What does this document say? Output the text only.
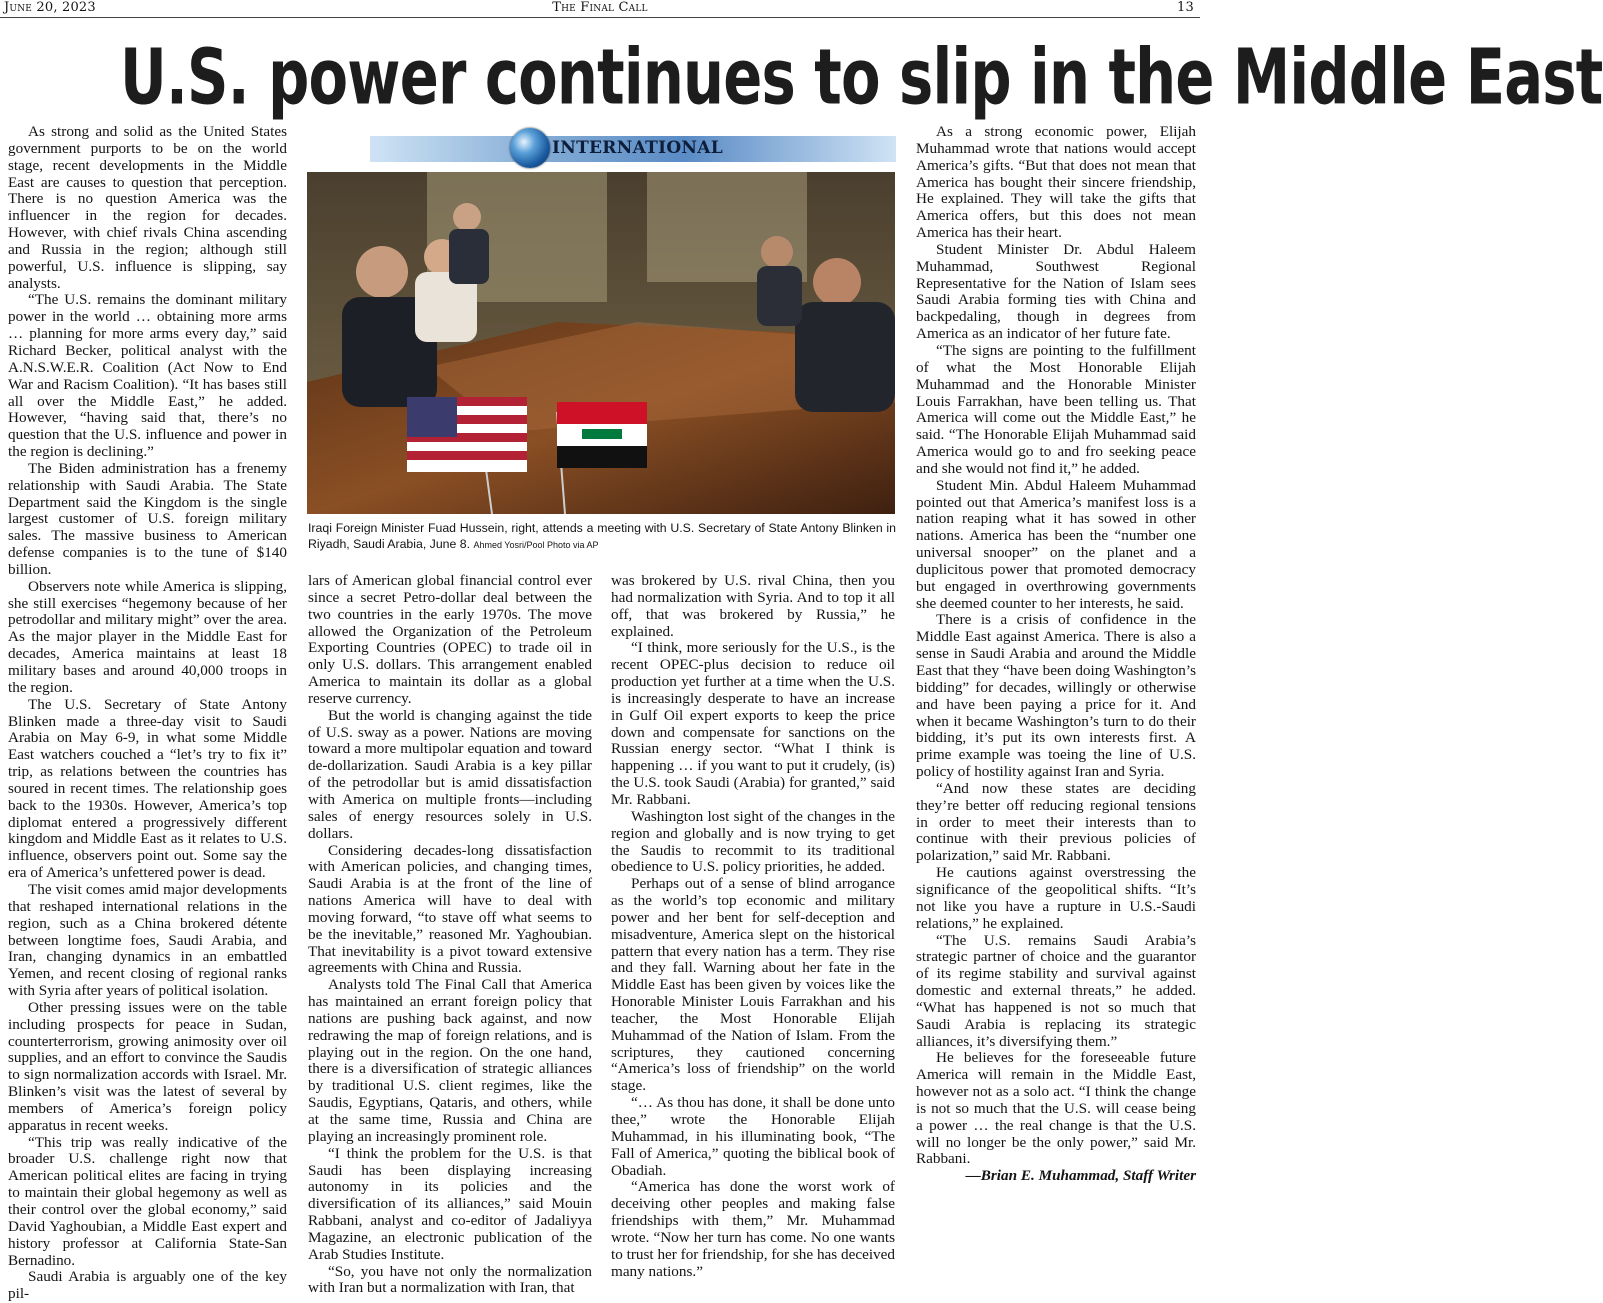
June 20, 2023	The Final Call	13
U.S. power continues to slip in the Middle East

As strong and solid as the United States government purports to be on the world stage, recent developments in the Middle East are causes to question that perception. There is no question America was the influencer in the region for decades. However, with chief rivals China ascending and Russia in the region; although still powerful, U.S. influence is slipping, say analysts.

“The U.S. remains the dominant military power in the world … obtaining more arms … planning for more arms every day,” said Richard Becker, political analyst with the A.N.S.W.E.R. Coalition (Act Now to End War and Racism Coalition). “It has bases still all over the Middle East,” he added. However, “having said that, there’s no question that the U.S. influence and power in the region is declining.”

The Biden administration has a frenemy relationship with Saudi Arabia. The State Department said the Kingdom is the single largest customer of U.S. foreign military sales. The massive business to American defense companies is to the tune of $140 billion.

Observers note while America is slipping, she still exercises “hegemony because of her petrodollar and military might” over the area. As the major player in the Middle East for decades, America maintains at least 18 military bases and around 40,000 troops in the region.

The U.S. Secretary of State Antony Blinken made a three-day visit to Saudi Arabia on May 6-9, in what some Middle East watchers couched a “let’s try to fix it” trip, as relations between the countries has soured in recent times. The relationship goes back to the 1930s. However, America’s top diplomat entered a progressively different kingdom and Middle East as it relates to U.S. influence, observers point out. Some say the era of America’s unfettered power is dead.

The visit comes amid major developments that reshaped international relations in the region, such as a China brokered détente between longtime foes, Saudi Arabia, and Iran, changing dynamics in an embattled Yemen, and recent closing of regional ranks with Syria after years of political isolation.

Other pressing issues were on the table including prospects for peace in Sudan, counterterrorism, growing animosity over oil supplies, and an effort to convince the Saudis to sign normalization accords with Israel. Mr. Blinken’s visit was the latest of several by members of America’s foreign policy apparatus in recent weeks.

“This trip was really indicative of the broader U.S. challenge right now that American political elites are facing in trying to maintain their global hegemony as well as their control over the global economy,” said David Yaghoubian, a Middle East expert and history professor at California State-San Bernadino.

Saudi Arabia is arguably one of the key pil-

INTERNATIONAL
Iraqi Foreign Minister Fuad Hussein, right, attends a meeting with U.S. Secretary of State Antony Blinken in Riyadh, Saudi Arabia, June 8. Ahmed Yosri/Pool Photo via AP

lars of American global financial control ever since a secret Petro-dollar deal between the two countries in the early 1970s. The move allowed the Organization of the Petroleum Exporting Countries (OPEC) to trade oil in only U.S. dollars. This arrangement enabled America to maintain its dollar as a global reserve currency.

But the world is changing against the tide of U.S. sway as a power. Nations are moving toward a more multipolar equation and toward de-dollarization. Saudi Arabia is a key pillar of the petrodollar but is amid dissatisfaction with America on multiple fronts—including sales of energy resources solely in U.S. dollars.

Considering decades-long dissatisfaction with American policies, and changing times, Saudi Arabia is at the front of the line of nations America will have to deal with moving forward, “to stave off what seems to be the inevitable,” reasoned Mr. Yaghoubian. That inevitability is a pivot toward extensive agreements with China and Russia.

Analysts told The Final Call that America has maintained an errant foreign policy that nations are pushing back against, and now redrawing the map of foreign relations, and is playing out in the region. On the one hand, there is a diversification of strategic alliances by traditional U.S. client regimes, like the Saudis, Egyptians, Qataris, and others, while at the same time, Russia and China are playing an increasingly prominent role.

“I think the problem for the U.S. is that Saudi has been displaying increasing autonomy in its policies and the diversification of its alliances,” said Mouin Rabbani, analyst and co-editor of Jadaliyya Magazine, an electronic publication of the Arab Studies Institute.

“So, you have not only the normalization with Iran but a normalization with Iran, that

was brokered by U.S. rival China, then you had normalization with Syria. And to top it all off, that was brokered by Russia,” he explained.

“I think, more seriously for the U.S., is the recent OPEC-plus decision to reduce oil production yet further at a time when the U.S. is increasingly desperate to have an increase in Gulf Oil expert exports to keep the price down and compensate for sanctions on the Russian energy sector. “What I think is happening … if you want to put it crudely, (is) the U.S. took Saudi (Arabia) for granted,” said Mr. Rabbani.

Washington lost sight of the changes in the region and globally and is now trying to get the Saudis to recommit to its traditional obedience to U.S. policy priorities, he added.

Perhaps out of a sense of blind arrogance as the world’s top economic and military power and her bent for self-deception and misadventure, America slept on the historical pattern that every nation has a term. They rise and they fall. Warning about her fate in the Middle East has been given by voices like the Honorable Minister Louis Farrakhan and his teacher, the Most Honorable Elijah Muhammad of the Nation of Islam. From the scriptures, they cautioned concerning “America’s loss of friendship” on the world stage.

“… As thou has done, it shall be done unto thee,” wrote the Honorable Elijah Muhammad, in his illuminating book, “The Fall of America,” quoting the biblical book of Obadiah.

“America has done the worst work of deceiving other peoples and making false friendships with them,” Mr. Muhammad wrote. “Now her turn has come. No one wants to trust her for friendship, for she has deceived many nations.”

As a strong economic power, Elijah Muhammad wrote that nations would accept America’s gifts. “But that does not mean that America has bought their sincere friendship, He explained. They will take the gifts that America offers, but this does not mean America has their heart.

Student Minister Dr. Abdul Haleem Muhammad, Southwest Regional Representative for the Nation of Islam sees Saudi Arabia forming ties with China and backpedaling, though in degrees from America as an indicator of her future fate.

“The signs are pointing to the fulfillment of what the Most Honorable Elijah Muhammad and the Honorable Minister Louis Farrakhan, have been telling us. That America will come out the Middle East,” he said. “The Honorable Elijah Muhammad said America would go to and fro seeking peace and she would not find it,” he added.

Student Min. Abdul Haleem Muhammad pointed out that America’s manifest loss is a nation reaping what it has sowed in other nations. America has been the “number one universal snooper” on the planet and a duplicitous power that promoted democracy but engaged in overthrowing governments she deemed counter to her interests, he said.

There is a crisis of confidence in the Middle East against America. There is also a sense in Saudi Arabia and around the Middle East that they “have been doing Washington’s bidding” for decades, willingly or otherwise and have been paying a price for it. And when it became Washington’s turn to do their bidding, it’s put its own interests first. A prime example was toeing the line of U.S. policy of hostility against Iran and Syria.

“And now these states are deciding they’re better off reducing regional tensions in order to meet their interests than to continue with their previous policies of polarization,” said Mr. Rabbani.

He cautions against overstressing the significance of the geopolitical shifts. “It’s not like you have a rupture in U.S.-Saudi relations,” he explained.

“The U.S. remains Saudi Arabia’s strategic partner of choice and the guarantor of its regime stability and survival against domestic and external threats,” he added. “What has happened is not so much that Saudi Arabia is replacing its strategic alliances, it’s diversifying them.”

He believes for the foreseeable future America will remain in the Middle East, however not as a solo act. “I think the change is not so much that the U.S. will cease being a power … the real change is that the U.S. will no longer be the only power,” said Mr. Rabbani.

—Brian E. Muhammad, Staff Writer
